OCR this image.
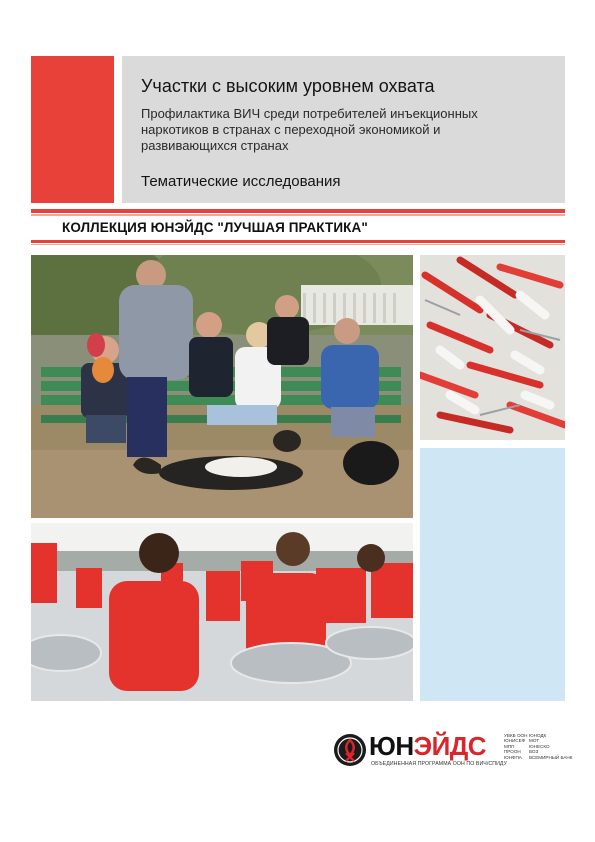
Участки с высоким уровнем охвата
Профилактика ВИЧ среди потребителей инъекционных
наркотиков в странах с переходной экономикой и
развивающихся странах
Тематические исследования
КОЛЛЕКЦИЯ ЮНЭЙДС "ЛУЧШАЯ ПРАКТИКА"
ЮНЭЙДС
ОБЪЕДИНЕННАЯ ПРОГРАММА ООН ПО ВИЧ/СПИДУ
УВКБ ООН
ЮНИСЕФ
МПП
ПРООН
ЮНФПА
ЮНОДК
МОТ
ЮНЕСКО
ВОЗ
ВСЕМИРНЫЙ БАНК
